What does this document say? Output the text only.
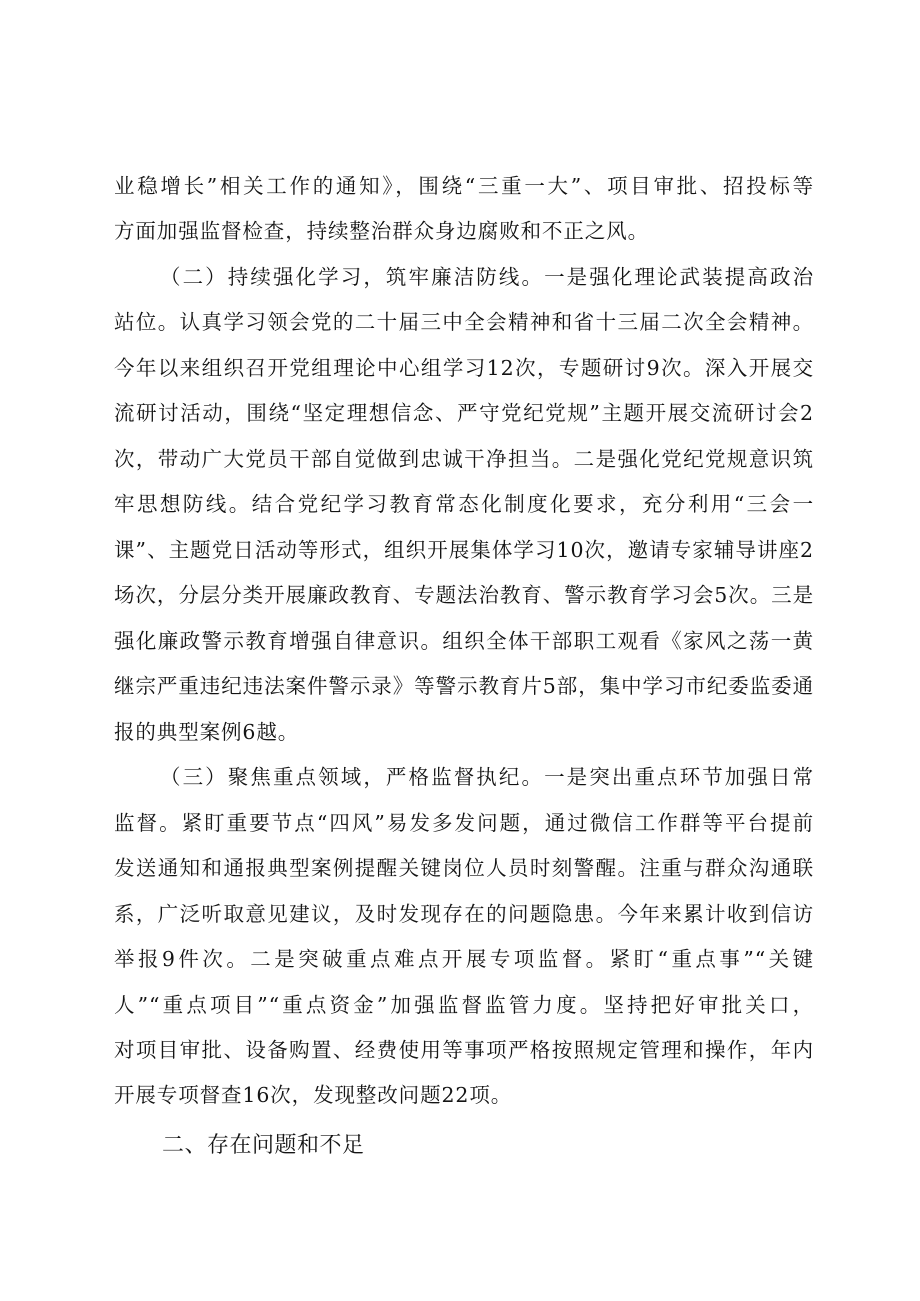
业稳增长”相关工作的通知》，围绕“三重一大”、项目审批、招投标等
方面加强监督检查，持续整治群众身边腐败和不正之风。
（二）持续强化学习，筑牢廉洁防线。一是强化理论武装提高政治
站位。认真学习领会党的二十届三中全会精神和省十三届二次全会精神。
今年以来组织召开党组理论中心组学习12次，专题研讨9次。深入开展交
流研讨活动，围绕“坚定理想信念、严守党纪党规”主题开展交流研讨会2
次，带动广大党员干部自觉做到忠诚干净担当。二是强化党纪党规意识筑
牢思想防线。结合党纪学习教育常态化制度化要求，充分利用“三会一
课”、主题党日活动等形式，组织开展集体学习10次，邀请专家辅导讲座2
场次，分层分类开展廉政教育、专题法治教育、警示教育学习会5次。三是
强化廉政警示教育增强自律意识。组织全体干部职工观看《家风之荡一黄
继宗严重违纪违法案件警示录》等警示教育片5部，集中学习市纪委监委通
报的典型案例6越。
（三）聚焦重点领域，严格监督执纪。一是突出重点环节加强日常
监督。紧盯重要节点“四风”易发多发问题，通过微信工作群等平台提前
发送通知和通报典型案例提醒关键岗位人员时刻警醒。注重与群众沟通联
系，广泛听取意见建议，及时发现存在的问题隐患。今年来累计收到信访
举报9件次。二是突破重点难点开展专项监督。紧盯“重点事”“关键
人”“重点项目”“重点资金”加强监督监管力度。坚持把好审批关口，
对项目审批、设备购置、经费使用等事项严格按照规定管理和操作，年内
开展专项督查16次，发现整改问题22项。
二、存在问题和不足
